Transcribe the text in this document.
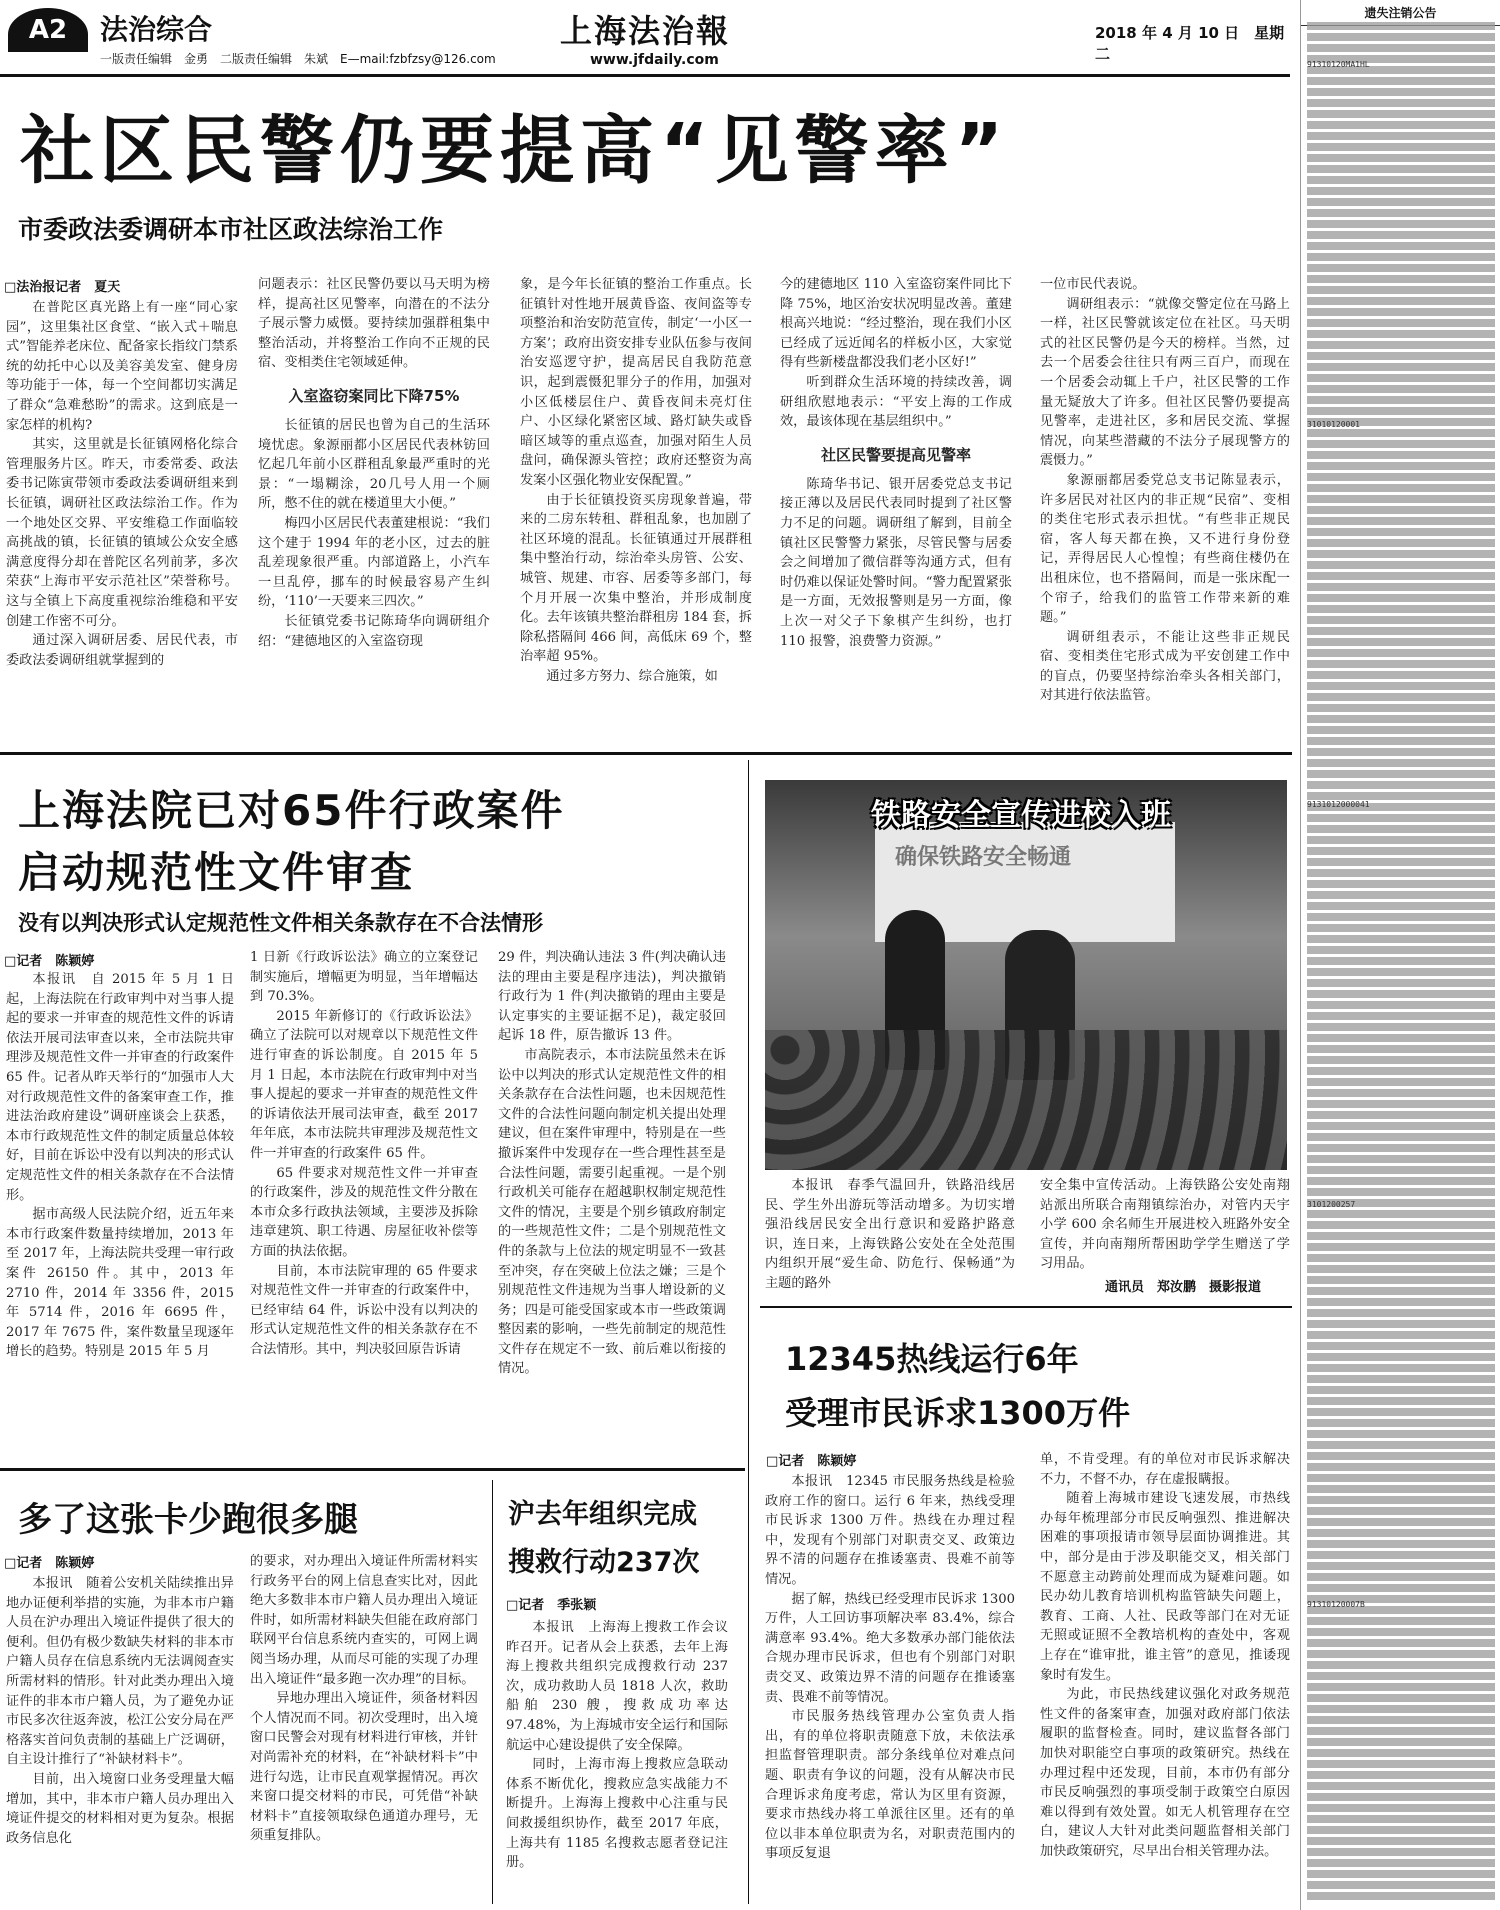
A2	法治综合
一版责任编辑　金勇　二版责任编辑　朱斌　E—mail:fzbfzsy@126.com
上海法治報
www.jfdaily.com
2018 年 4 月 10 日　星期二
社区民警仍要提高“见警率”
市委政法委调研本市社区政法综治工作
□法治报记者　夏天

在普陀区真光路上有一座“同心家园”，这里集社区食堂、“嵌入式＋喘息式”智能养老床位、配备家长指纹门禁系统的幼托中心以及美容美发室、健身房等功能于一体，每一个空间都切实满足了群众“急难愁盼”的需求。这到底是一家怎样的机构?

其实，这里就是长征镇网格化综合管理服务片区。昨天，市委常委、政法委书记陈寅带领市委政法委调研组来到长征镇，调研社区政法综治工作。作为一个地处区交界、平安维稳工作面临较高挑战的镇，长征镇的镇域公众安全感满意度得分却在普陀区名列前茅，多次荣获“上海市平安示范社区”荣誉称号。这与全镇上下高度重视综治维稳和平安创建工作密不可分。

通过深入调研居委、居民代表，市委政法委调研组就掌握到的

问题表示：社区民警仍要以马天明为榜样，提高社区见警率，向潜在的不法分子展示警力威慑。要持续加强群租集中整治活动，并将整治工作向不正规的民宿、变相类住宅领域延伸。

入室盗窃案同比下降75%

长征镇的居民也曾为自己的生活环境忧虑。象源丽都小区居民代表林钫回忆起几年前小区群租乱象最严重时的光景：“一塌糊涂，20几号人用一个厕所，憋不住的就在楼道里大小便。”

梅四小区居民代表董建根说：“我们这个建于 1994 年的老小区，过去的脏乱差现象很严重。内部道路上，小汽车一旦乱停，挪车的时候最容易产生纠纷，‘110’一天要来三四次。”

长征镇党委书记陈琦华向调研组介绍：“建德地区的入室盗窃现

象，是今年长征镇的整治工作重点。长征镇针对性地开展黄昏盗、夜间盗等专项整治和治安防范宣传，制定‘一小区一方案’；政府出资安排专业队伍参与夜间治安巡逻守护，提高居民自我防范意识，起到震慑犯罪分子的作用，加强对小区低楼层住户、黄昏夜间未亮灯住户、小区绿化紧密区域、路灯缺失或昏暗区域等的重点巡查，加强对陌生人员盘问，确保源头管控；政府还整资为高发案小区强化物业安保配置。”

由于长征镇投资买房现象普遍，带来的二房东转租、群租乱象，也加剧了社区环境的混乱。长征镇通过开展群租集中整治行动，综治牵头房管、公安、城管、规建、市容、居委等多部门，每个月开展一次集中整治，并形成制度化。去年该镇共整治群租房 184 套，拆除私搭隔间 466 间，高低床 69 个，整治率超 95%。

通过多方努力、综合施策，如

今的建德地区 110 入室盗窃案件同比下降 75%，地区治安状况明显改善。董建根高兴地说：“经过整治，现在我们小区已经成了远近闻名的样板小区，大家觉得有些新楼盘都没我们老小区好!”

听到群众生活环境的持续改善，调研组欣慰地表示：“平安上海的工作成效，最该体现在基层组织中。”

社区民警要提高见警率

陈琦华书记、银开居委党总支书记接正薄以及居民代表同时提到了社区警力不足的问题。调研组了解到，目前全镇社区民警警力紧张，尽管民警与居委会之间增加了微信群等沟通方式，但有时仍难以保证处警时间。“警力配置紧张是一方面，无效报警则是另一方面，像上次一对父子下象棋产生纠纷，也打 110 报警，浪费警力资源。”

一位市民代表说。

调研组表示：“就像交警定位在马路上一样，社区民警就该定位在社区。马天明式的社区民警仍是今天的榜样。当然，过去一个居委会往往只有两三百户，而现在一个居委会动辄上千户，社区民警的工作量无疑放大了许多。但社区民警仍要提高见警率，走进社区，多和居民交流、掌握情况，向某些潜藏的不法分子展现警方的震慑力。”

象源丽都居委党总支书记陈显表示，许多居民对社区内的非正规“民宿”、变相的类住宅形式表示担忧。“有些非正规民宿，客人每天都在换，又不进行身份登记，弄得居民人心惶惶；有些商住楼仍在出租床位，也不搭隔间，而是一张床配一个帘子，给我们的监管工作带来新的难题。”

调研组表示，不能让这些非正规民宿、变相类住宅形式成为平安创建工作中的盲点，仍要坚持综治牵头各相关部门，对其进行依法监管。

上海法院已对65件行政案件
启动规范性文件审查
没有以判决形式认定规范性文件相关条款存在不合法情形
□记者　陈颖婷

本报讯　自 2015 年 5 月 1 日起，上海法院在行政审判中对当事人提起的要求一并审查的规范性文件的诉请依法开展司法审查以来，全市法院共审理涉及规范性文件一并审查的行政案件 65 件。记者从昨天举行的“加强市人大对行政规范性文件的备案审查工作，推进法治政府建设”调研座谈会上获悉，本市行政规范性文件的制定质量总体较好，目前在诉讼中没有以判决的形式认定规范性文件的相关条款存在不合法情形。

据市高级人民法院介绍，近五年来本市行政案件数量持续增加，2013 年至 2017 年，上海法院共受理一审行政案件 26150 件。其中，2013 年 2710 件，2014 年 3356 件，2015 年 5714 件，2016 年 6695 件，2017 年 7675 件，案件数量呈现逐年增长的趋势。特别是 2015 年 5 月

1 日新《行政诉讼法》确立的立案登记制实施后，增幅更为明显，当年增幅达到 70.3%。

2015 年新修订的《行政诉讼法》确立了法院可以对规章以下规范性文件进行审查的诉讼制度。自 2015 年 5 月 1 日起，本市法院在行政审判中对当事人提起的要求一并审查的规范性文件的诉请依法开展司法审查，截至 2017 年年底，本市法院共审理涉及规范性文件一并审查的行政案件 65 件。

65 件要求对规范性文件一并审查的行政案件，涉及的规范性文件分散在本市众多行政执法领域，主要涉及拆除违章建筑、职工待遇、房屋征收补偿等方面的执法依据。

目前，本市法院审理的 65 件要求对规范性文件一并审查的行政案件中，已经审结 64 件，诉讼中没有以判决的形式认定规范性文件的相关条款存在不合法情形。其中，判决驳回原告诉请

29 件，判决确认违法 3 件(判决确认违法的理由主要是程序违法)，判决撤销行政行为 1 件(判决撤销的理由主要是认定事实的主要证据不足)，裁定驳回起诉 18 件，原告撤诉 13 件。

市高院表示，本市法院虽然未在诉讼中以判决的形式认定规范性文件的相关条款存在合法性问题，也未因规范性文件的合法性问题向制定机关提出处理建议，但在案件审理中，特别是在一些撤诉案件中发现存在一些合理性甚至是合法性问题，需要引起重视。一是个别行政机关可能存在超越职权制定规范性文件的情况，主要是个别乡镇政府制定的一些规范性文件；二是个别规范性文件的条款与上位法的规定明显不一致甚至冲突，存在突破上位法之嫌；三是个别规范性文件违规为当事人增设新的义务；四是可能受国家或本市一些政策调整因素的影响，一些先前制定的规范性文件存在规定不一致、前后难以衔接的情况。

确保铁路安全畅通
铁路安全宣传进校入班

本报讯　春季气温回升，铁路沿线居民、学生外出游玩等活动增多。为切实增强沿线居民安全出行意识和爱路护路意识，连日来，上海铁路公安处在全处范围内组织开展“爱生命、防危行、保畅通”为主题的路外

安全集中宣传活动。上海铁路公安处南翔站派出所联合南翔镇综治办，对管内天宇小学 600 余名师生开展进校入班路外安全宣传，并向南翔所帮困助学学生赠送了学习用品。

通讯员　郑汝鹏　摄影报道
12345热线运行6年
受理市民诉求1300万件
□记者　陈颖婷

本报讯　12345 市民服务热线是检验政府工作的窗口。运行 6 年来，热线受理市民诉求 1300 万件。热线在办理过程中，发现有个别部门对职责交叉、政策边界不清的问题存在推诿塞责、畏难不前等情况。

据了解，热线已经受理市民诉求 1300 万件，人工回访事项解决率 83.4%，综合满意率 93.4%。绝大多数承办部门能依法合规办理市民诉求，但也有个别部门对职责交叉、政策边界不清的问题存在推诿塞责、畏难不前等情况。

市民服务热线管理办公室负责人指出，有的单位将职责随意下放，未依法承担监督管理职责。部分条线单位对难点问题、职责有争议的问题，没有从解决市民合理诉求角度考虑，常认为区里有资源，要求市热线办将工单派往区里。还有的单位以非本单位职责为名，对职责范围内的事项反复退

单，不肯受理。有的单位对市民诉求解决不力，不督不办，存在虚报瞒报。

随着上海城市建设飞速发展，市热线办每年梳理部分市民反响强烈、推进解决困难的事项报请市领导层面协调推进。其中，部分是由于涉及职能交叉，相关部门不愿意主动跨前处理而成为疑难问题。如民办幼儿教育培训机构监管缺失问题上，教育、工商、人社、民政等部门在对无证无照或证照不全教培机构的查处中，客观上存在“谁审批，谁主管”的意见，推诿现象时有发生。

为此，市民热线建议强化对政务规范性文件的备案审查，加强对政府部门依法履职的监督检查。同时，建议监督各部门加快对职能空白事项的政策研究。热线在办理过程中还发现，目前，本市仍有部分市民反响强烈的事项受制于政策空白原因难以得到有效处置。如无人机管理存在空白，建议人大针对此类问题监督相关部门加快政策研究，尽早出台相关管理办法。

多了这张卡少跑很多腿
□记者　陈颖婷

本报讯　随着公安机关陆续推出异地办证便利举措的实施，为非本市户籍人员在沪办理出入境证件提供了很大的便利。但仍有极少数缺失材料的非本市户籍人员存在信息系统内无法调阅查实所需材料的情形。针对此类办理出入境证件的非本市户籍人员，为了避免办证市民多次往返奔波，松江公安分局在严格落实首问负责制的基础上广泛调研，自主设计推行了“补缺材料卡”。

目前，出入境窗口业务受理量大幅增加，其中，非本市户籍人员办理出入境证件提交的材料相对更为复杂。根据政务信息化

的要求，对办理出入境证件所需材料实行政务平台的网上信息查实比对，因此绝大多数非本市户籍人员办理出入境证件时，如所需材料缺失但能在政府部门联网平台信息系统内查实的，可网上调阅当场办理，从而尽可能的实现了办理出入境证件“最多跑一次办理”的目标。

异地办理出入境证件，须备材料因个人情况而不同。初次受理时，出入境窗口民警会对现有材料进行审核，并针对尚需补充的材料，在“补缺材料卡”中进行勾选，让市民直观掌握情况。再次来窗口提交材料的市民，可凭借“补缺材料卡”直接领取绿色通道办理号，无须重复排队。

沪去年组织完成
搜救行动237次
□记者　季张颖

本报讯　上海海上搜救工作会议昨召开。记者从会上获悉，去年上海海上搜救共组织完成搜救行动 237 次，成功救助人员 1818 人次，救助船舶 230 艘，搜救成功率达 97.48%，为上海城市安全运行和国际航运中心建设提供了安全保障。

同时，上海市海上搜救应急联动体系不断优化，搜救应急实战能力不断提升。上海海上搜救中心注重与民间救援组织协作，截至 2017 年底，上海共有 1185 名搜救志愿者登记注册。

遗失注销公告
91310120MA1HL
31010120001
9131012000041
3101200257
91310120007B
